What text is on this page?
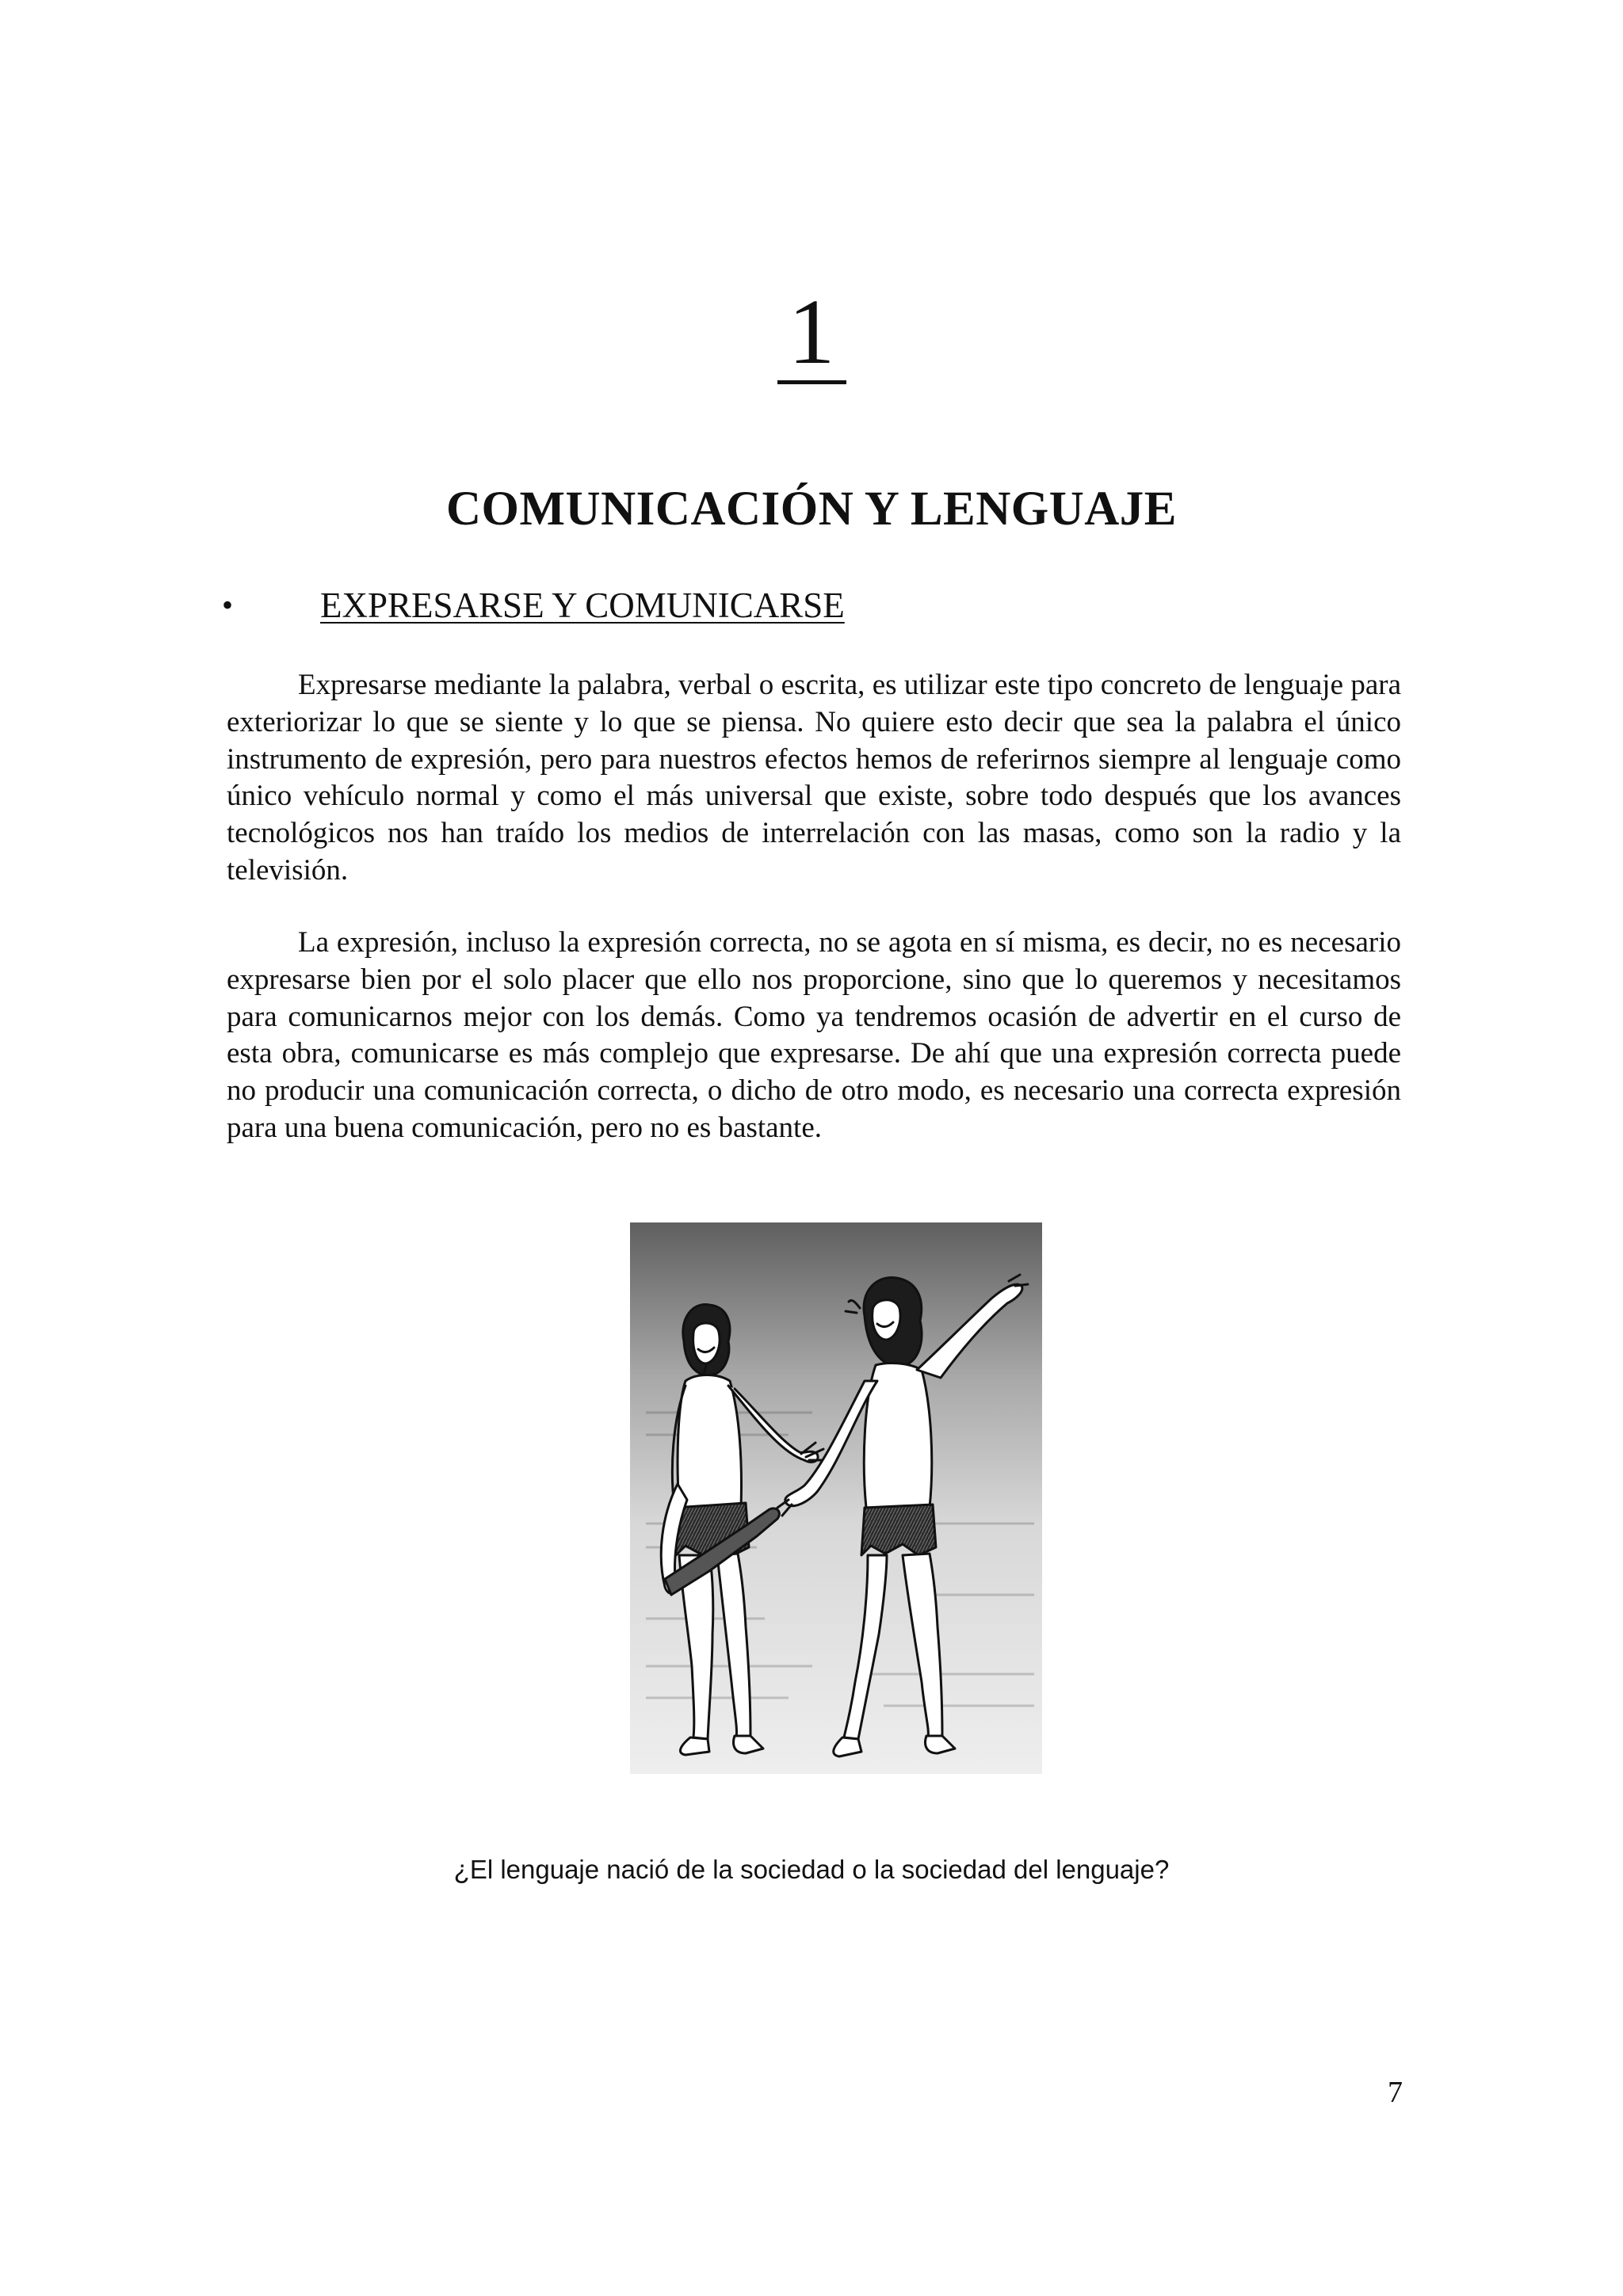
1
COMUNICACIÓN Y LENGUAJE
• EXPRESARSE Y COMUNICARSE

Expresarse mediante la palabra, verbal o escrita, es utilizar este tipo concreto de lenguaje para exteriorizar lo que se siente y lo que se piensa. No quiere esto decir que sea la palabra el único instrumento de expresión, pero para nuestros efectos hemos de referirnos siempre al lenguaje como único vehículo normal y como el más universal que existe, sobre todo después que los avances tecnológicos nos han traído los medios de interrelación con las masas, como son la radio y la televisión.

La expresión, incluso la expresión correcta, no se agota en sí misma, es decir, no es necesario expresarse bien por el solo placer que ello nos proporcione, sino que lo queremos y necesitamos para comunicarnos mejor con los demás. Como ya tendremos ocasión de advertir en el curso de esta obra, comunicarse es más complejo que expresarse. De ahí que una expresión correcta puede no producir una comunicación correcta, o dicho de otro modo, es necesario una correcta expresión para una buena comunicación, pero no es bastante.

¿El lenguaje nació de la sociedad o la sociedad del lenguaje?
7
